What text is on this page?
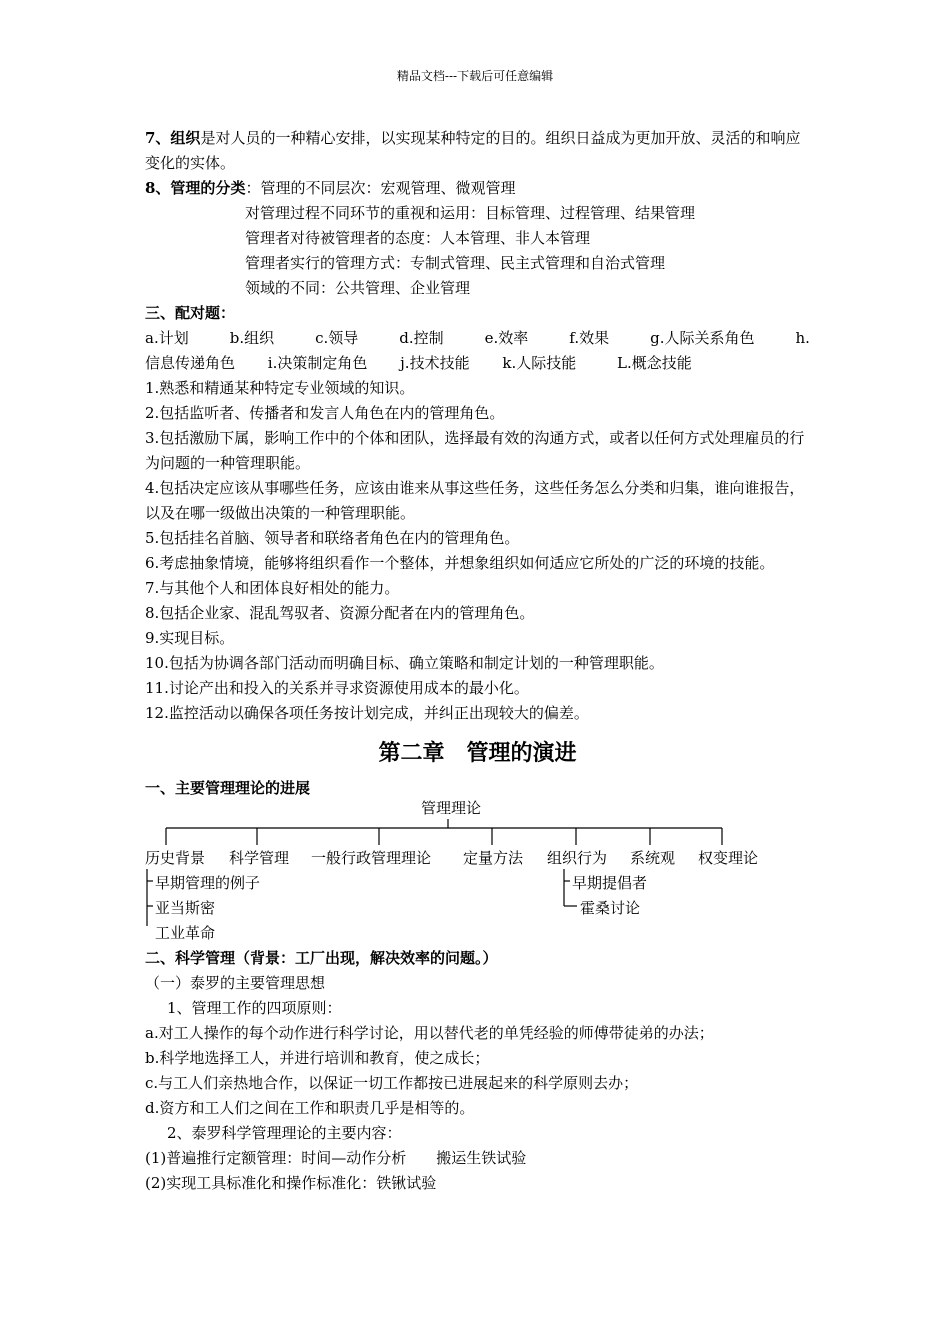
精品文档---下载后可任意编辑
7、组织是对人员的一种精心安排，以实现某种特定的目的。组织日益成为更加开放、灵活的和响应变化的实体。
8、管理的分类：管理的不同层次：宏观管理、微观管理
对管理过程不同环节的重视和运用：目标管理、过程管理、结果管理
管理者对待被管理者的态度：人本管理、非人本管理
管理者实行的管理方式：专制式管理、民主式管理和自治式管理
领域的不同：公共管理、企业管理
三、配对题：
a.计划	b.组织	c.领导	d.控制	e.效率	f.效果	g.人际关系角色	h.
信息传递角色 i.决策制定角色 j.技术技能 k.人际技能	L.概念技能
1.熟悉和精通某种特定专业领域的知识。
2.包括监听者、传播者和发言人角色在内的管理角色。
3.包括激励下属，影响工作中的个体和团队，选择最有效的沟通方式，或者以任何方式处理雇员的行为问题的一种管理职能。
4.包括决定应该从事哪些任务，应该由谁来从事这些任务，这些任务怎么分类和归集，谁向谁报告，以及在哪一级做出决策的一种管理职能。
5.包括挂名首脑、领导者和联络者角色在内的管理角色。
6.考虑抽象情境，能够将组织看作一个整体，并想象组织如何适应它所处的广泛的环境的技能。
7.与其他个人和团体良好相处的能力。
8.包括企业家、混乱驾驭者、资源分配者在内的管理角色。
9.实现目标。
10.包括为协调各部门活动而明确目标、确立策略和制定计划的一种管理职能。
11.讨论产出和投入的关系并寻求资源使用成本的最小化。
12.监控活动以确保各项任务按计划完成，并纠正出现较大的偏差。
第二章　管理的演进
一、主要管理理论的进展
管理理论
历史背景 科学管理 一般行政管理理论 定量方法 组织行为 系统观 权变理论
早期管理的例子
亚当斯密
工业革命
早期提倡者
霍桑讨论
二、科学管理（背景：工厂出现，解决效率的问题。）
（一）泰罗的主要管理思想
1、管理工作的四项原则：
a.对工人操作的每个动作进行科学讨论，用以替代老的单凭经验的师傅带徒弟的办法；
b.科学地选择工人，并进行培训和教育，使之成长；
c.与工人们亲热地合作，以保证一切工作都按已进展起来的科学原则去办；
d.资方和工人们之间在工作和职责几乎是相等的。
2、泰罗科学管理理论的主要内容：
(1)普遍推行定额管理：时间—动作分析　　搬运生铁试验
(2)实现工具标准化和操作标准化：铁锹试验
